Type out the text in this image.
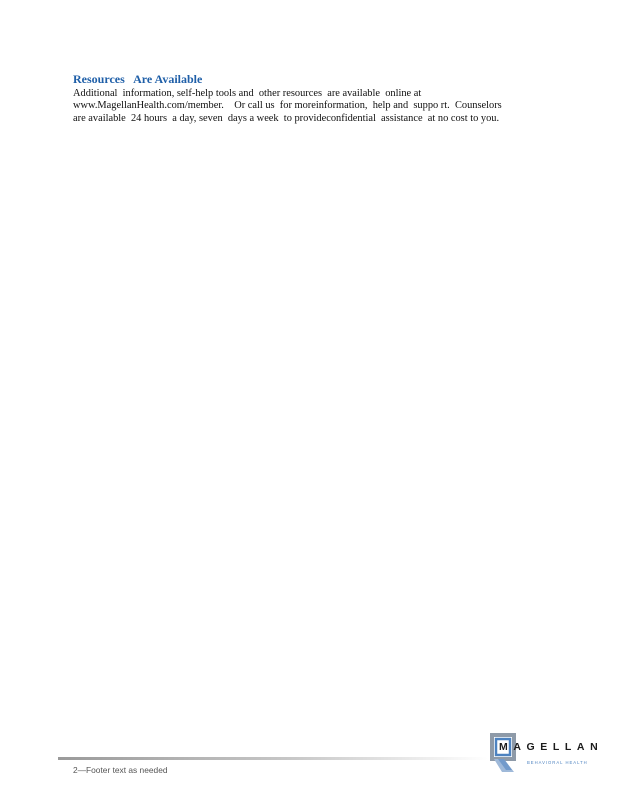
Resources   Are Available

Additional  information, self-help tools and  other resources  are available  online at
www.MagellanHealth.com/member.    Or call us  for moreinformation,  help and  suppo rt.  Counselors
are available  24 hours  a day, seven  days a week  to provideconfidential  assistance  at no cost to you.

2—Footer text as needed
MAGELLAN
BEHAVIORAL HEALTH
